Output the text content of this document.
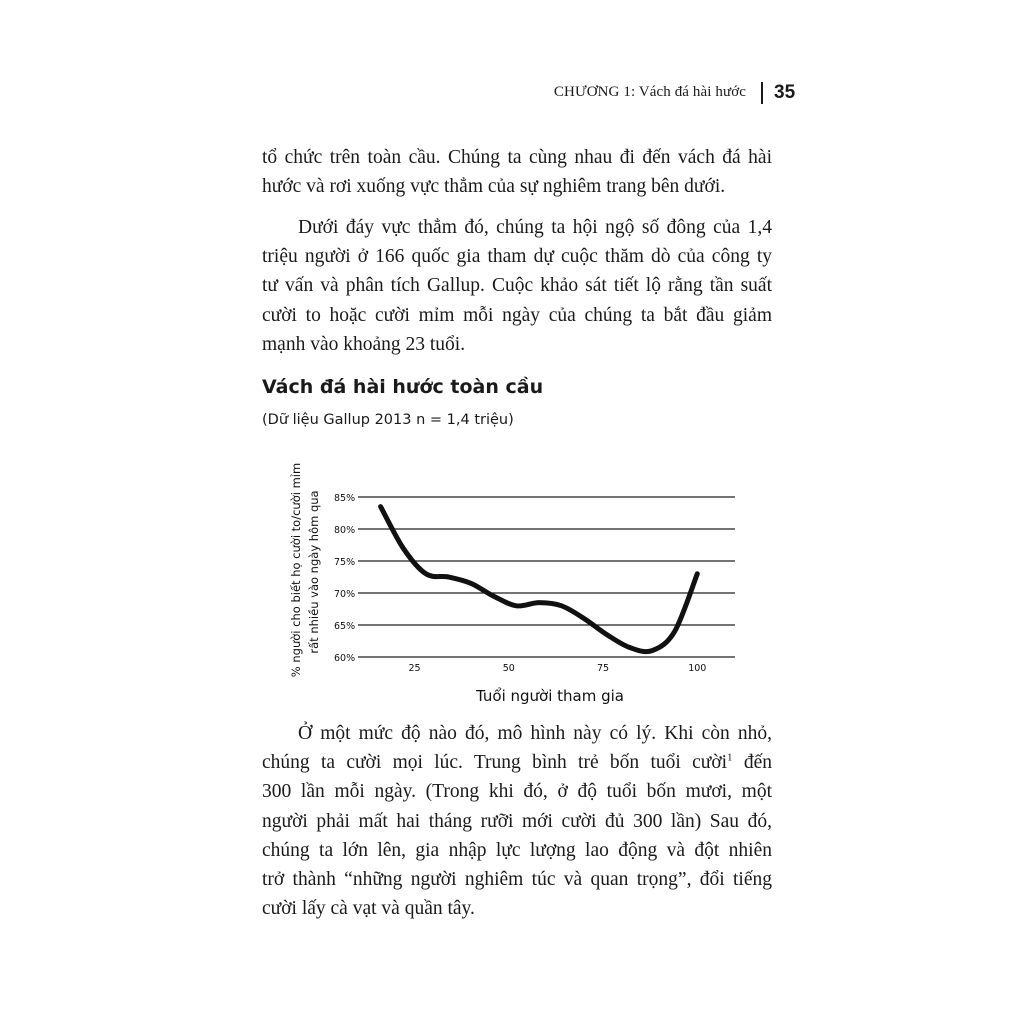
CHƯƠNG 1: Vách đá hài hước 35
tổ chức trên toàn cầu. Chúng ta cùng nhau đi đến vách đá hài
hước và rơi xuống vực thẳm của sự nghiêm trang bên dưới.
Dưới đáy vực thẳm đó, chúng ta hội ngộ số đông của 1,4
triệu người ở 166 quốc gia tham dự cuộc thăm dò của công ty
tư vấn và phân tích Gallup. Cuộc khảo sát tiết lộ rằng tần suất
cười to hoặc cười mỉm mỗi ngày của chúng ta bắt đầu giảm
mạnh vào khoảng 23 tuổi.
Vách đá hài hước toàn cầu
(Dữ liệu Gallup 2013 n = 1,4 triệu)
60%
65%
70%
75%
80%
85%
25	50	75	100
% người cho biết họ cười to/cười mỉm rất nhiều vào ngày hôm qua
Tuổi người tham gia
Ở một mức độ nào đó, mô hình này có lý. Khi còn nhỏ,
chúng ta cười mọi lúc. Trung bình trẻ bốn tuổi cười$^1$ đến
300 lần mỗi ngày. (Trong khi đó, ở độ tuổi bốn mươi, một
người phải mất hai tháng rưỡi mới cười đủ 300 lần) Sau đó,
chúng ta lớn lên, gia nhập lực lượng lao động và đột nhiên
trở thành “những người nghiêm túc và quan trọng”, đổi tiếng
cười lấy cà vạt và quần tây.
